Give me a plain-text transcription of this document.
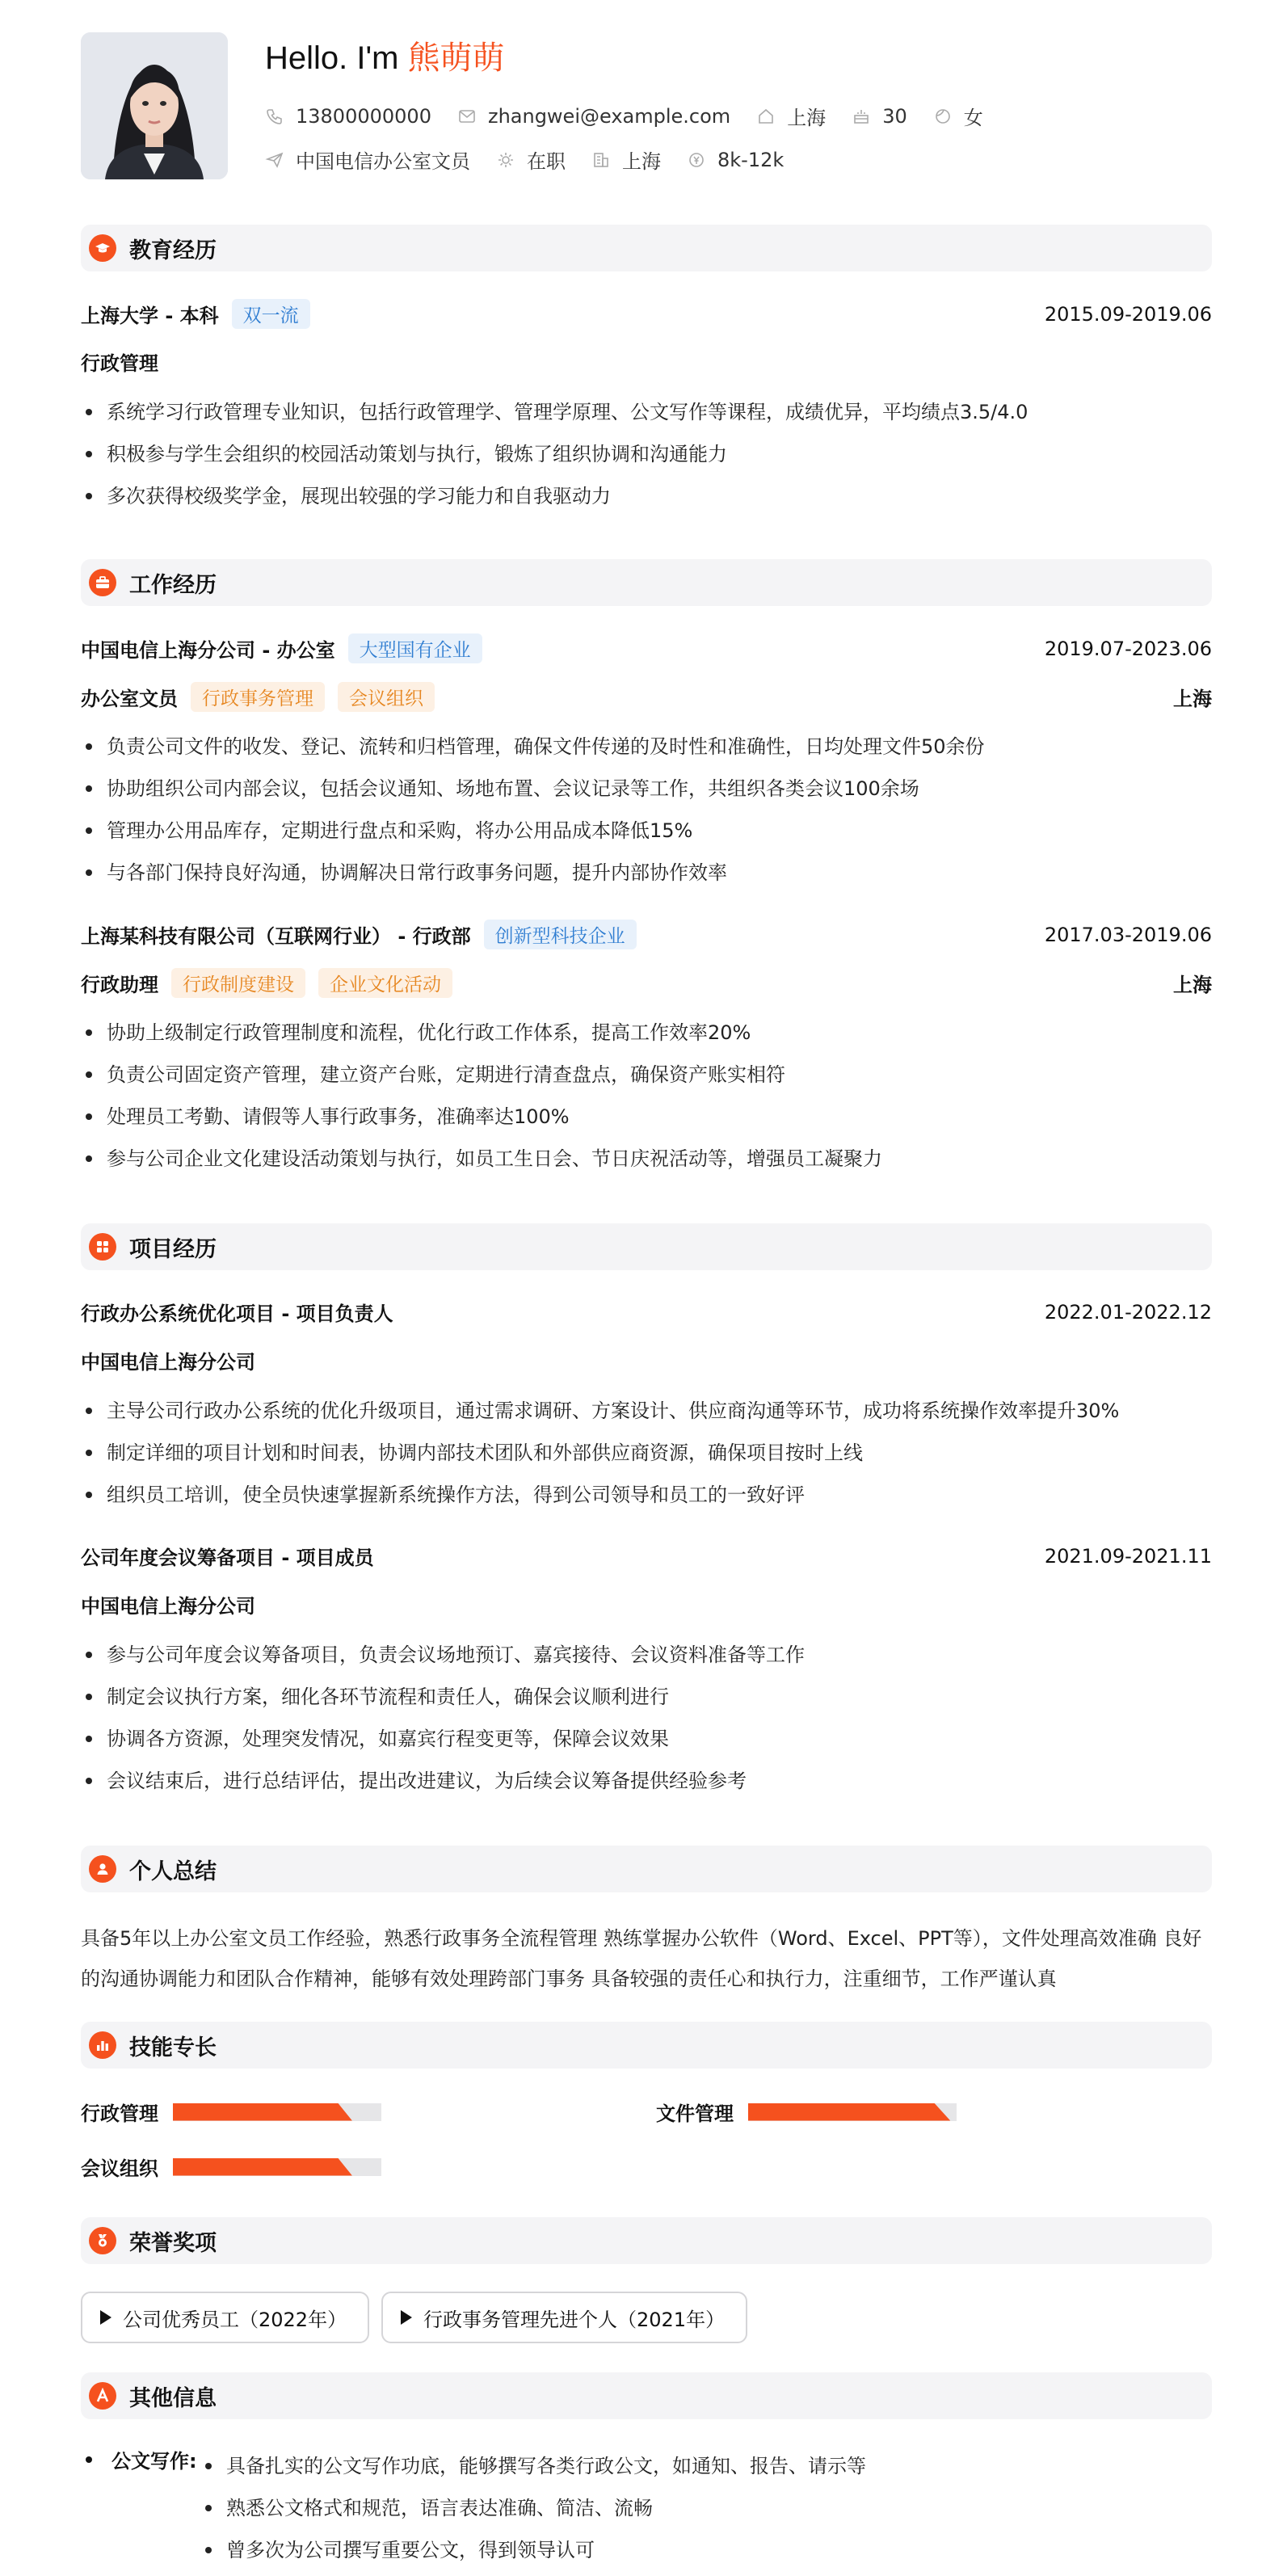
Hello. I'm 熊萌萌
13800000000	zhangwei@example.com	上海	30	女
中国电信办公室文员	在职	上海	8k-12k
教育经历
上海大学 - 本科	双一流	2015.09-2019.06
行政管理
系统学习行政管理专业知识，包括行政管理学、管理学原理、公文写作等课程，成绩优异，平均绩点3.5/4.0
积极参与学生会组织的校园活动策划与执行，锻炼了组织协调和沟通能力
多次获得校级奖学金，展现出较强的学习能力和自我驱动力
工作经历
中国电信上海分公司 - 办公室	大型国有企业	2019.07-2023.06
办公室文员	行政事务管理	会议组织	上海
负责公司文件的收发、登记、流转和归档管理，确保文件传递的及时性和准确性，日均处理文件50余份
协助组织公司内部会议，包括会议通知、场地布置、会议记录等工作，共组织各类会议100余场
管理办公用品库存，定期进行盘点和采购，将办公用品成本降低15%
与各部门保持良好沟通，协调解决日常行政事务问题，提升内部协作效率
上海某科技有限公司（互联网行业） - 行政部	创新型科技企业	2017.03-2019.06
行政助理	行政制度建设	企业文化活动	上海
协助上级制定行政管理制度和流程，优化行政工作体系，提高工作效率20%
负责公司固定资产管理，建立资产台账，定期进行清查盘点，确保资产账实相符
处理员工考勤、请假等人事行政事务，准确率达100%
参与公司企业文化建设活动策划与执行，如员工生日会、节日庆祝活动等，增强员工凝聚力
项目经历
行政办公系统优化项目 - 项目负责人	2022.01-2022.12
中国电信上海分公司
主导公司行政办公系统的优化升级项目，通过需求调研、方案设计、供应商沟通等环节，成功将系统操作效率提升30%
制定详细的项目计划和时间表，协调内部技术团队和外部供应商资源，确保项目按时上线
组织员工培训，使全员快速掌握新系统操作方法，得到公司领导和员工的一致好评
公司年度会议筹备项目 - 项目成员	2021.09-2021.11
中国电信上海分公司
参与公司年度会议筹备项目，负责会议场地预订、嘉宾接待、会议资料准备等工作
制定会议执行方案，细化各环节流程和责任人，确保会议顺利进行
协调各方资源，处理突发情况，如嘉宾行程变更等，保障会议效果
会议结束后，进行总结评估，提出改进建议，为后续会议筹备提供经验参考
个人总结
具备5年以上办公室文员工作经验，熟悉行政事务全流程管理 熟练掌握办公软件（Word、Excel、PPT等），文件处理高效准确 良好的沟通协调能力和团队合作精神，能够有效处理跨部门事务 具备较强的责任心和执行力，注重细节，工作严谨认真
技能专长
行政管理	文件管理
会议组织
荣誉奖项
公司优秀员工（2022年）	行政事务管理先进个人（2021年）
其他信息
公文写作:	具备扎实的公文写作功底，能够撰写各类行政公文，如通知、报告、请示等
熟悉公文格式和规范，语言表达准确、简洁、流畅
曾多次为公司撰写重要公文，得到领导认可
